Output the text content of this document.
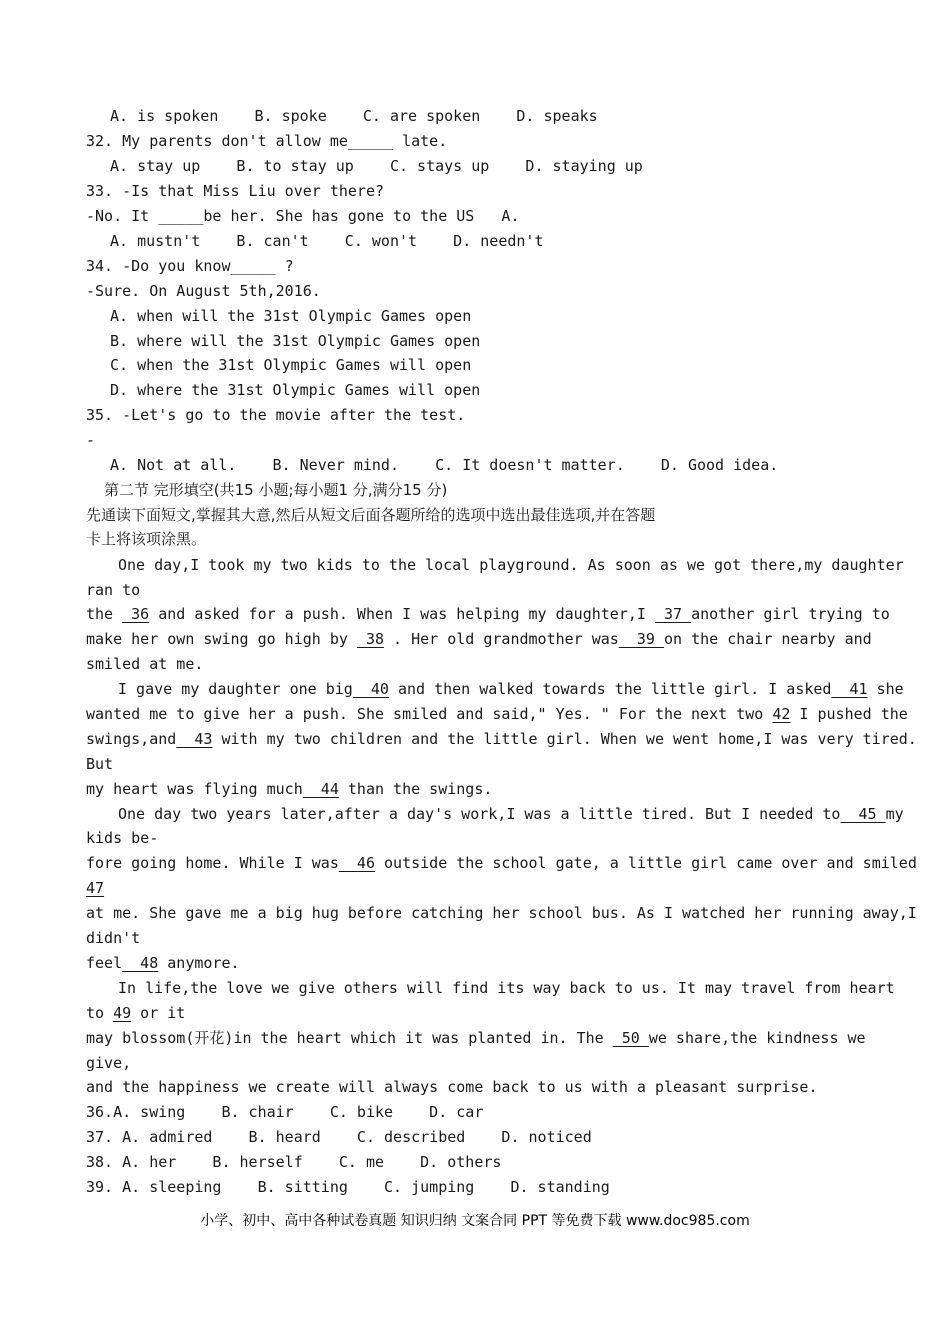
A. is spoken    B. spoke    C. are spoken    D. speaks
32. My parents don't allow me_____ late.
A. stay up    B. to stay up    C. stays up    D. staying up
33. -Is that Miss Liu over there?
-No. It _____be her. She has gone to the US   A.
A. mustn't    B. can't    C. won't    D. needn't
34. -Do you know_____ ?
-Sure. On August 5th,2016.
A. when will the 31st Olympic Games open
B. where will the 31st Olympic Games open
C. when the 31st Olympic Games will open
D. where the 31st Olympic Games will open
35. -Let's go to the movie after the test.
-
A. Not at all.    B. Never mind.    C. It doesn't matter.    D. Good idea.
第二节 完形填空(共15 小题;每小题1 分,满分15 分)
先通读下面短文,掌握其大意,然后从短文后面各题所给的选项中选出最佳选项,并在答题
卡上将该项涂黑。
One day,I took my two kids to the local playground. As soon as we got there,my daughter
ran to
the  36 and asked for a push. When I was helping my daughter,I  37 another girl trying to
make her own swing go high by  38 . Her old grandmother was  39 on the chair nearby and
smiled at me.
I gave my daughter one big  40 and then walked towards the little girl. I asked  41 she
wanted me to give her a push. She smiled and said," Yes. " For the next two 42 I pushed the
swings,and  43 with my two children and the little girl. When we went home,I was very tired.
But
my heart was flying much  44 than the swings.
One day two years later,after a day's work,I was a little tired. But I needed to  45 my
kids be-
fore going home. While I was  46 outside the school gate, a little girl came over and smiled
47
at me. She gave me a big hug before catching her school bus. As I watched her running away,I
didn't
feel  48 anymore.
In life,the love we give others will find its way back to us. It may travel from heart
to 49 or it
may blossom(开花)in the heart which it was planted in. The  50 we share,the kindness we
give,
and the happiness we create will always come back to us with a pleasant surprise.
36.A. swing    B. chair    C. bike    D. car
37. A. admired    B. heard    C. described    D. noticed
38. A. her    B. herself    C. me    D. others
39. A. sleeping    B. sitting    C. jumping    D. standing
小学、初中、高中各种试卷真题 知识归纳 文案合同 PPT 等免费下载 www.doc985.com
